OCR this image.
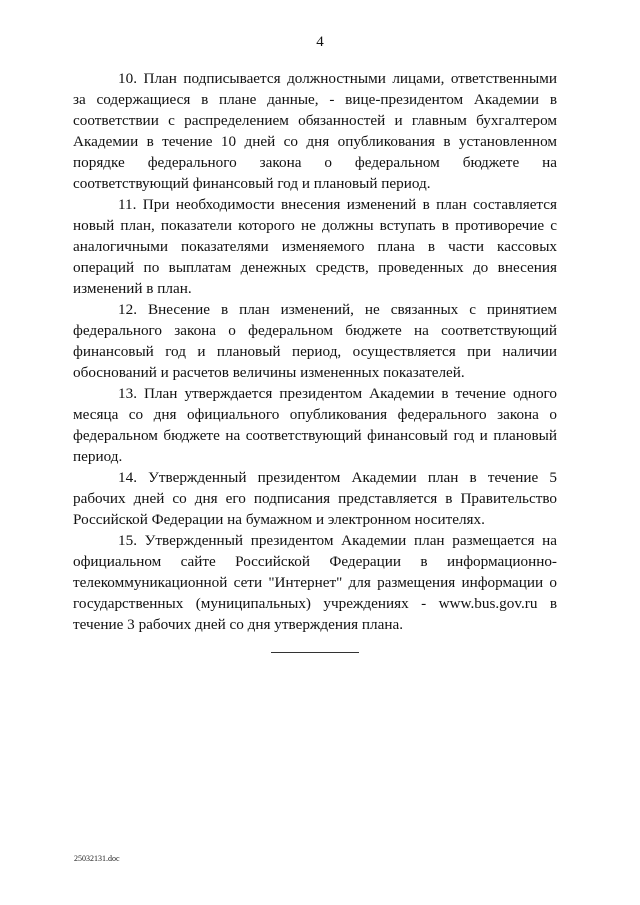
4

10. План подписывается должностными лицами, ответственными за содержащиеся в плане данные, - вице-президентом Академии в соответствии с распределением обязанностей и главным бухгалтером Академии в течение 10 дней со дня опубликования в установленном порядке федерального закона о федеральном бюджете на соответствующий финансовый год и плановый период.

11. При необходимости внесения изменений в план составляется новый план, показатели которого не должны вступать в противоречие с аналогичными показателями изменяемого плана в части кассовых операций по выплатам денежных средств, проведенных до внесения изменений в план.

12. Внесение в план изменений, не связанных с принятием федерального закона о федеральном бюджете на соответствующий финансовый год и плановый период, осуществляется при наличии обоснований и расчетов величины измененных показателей.

13. План утверждается президентом Академии в течение одного месяца со дня официального опубликования федерального закона о федеральном бюджете на соответствующий финансовый год и плановый период.

14. Утвержденный президентом Академии план в течение 5 рабочих дней со дня его подписания представляется в Правительство Российской Федерации на бумажном и электронном носителях.

15. Утвержденный президентом Академии план размещается на официальном сайте Российской Федерации в информационно-телекоммуникационной сети "Интернет" для размещения информации о государственных (муниципальных) учреждениях - www.bus.gov.ru в течение 3 рабочих дней со дня утверждения плана.

25032131.doc
